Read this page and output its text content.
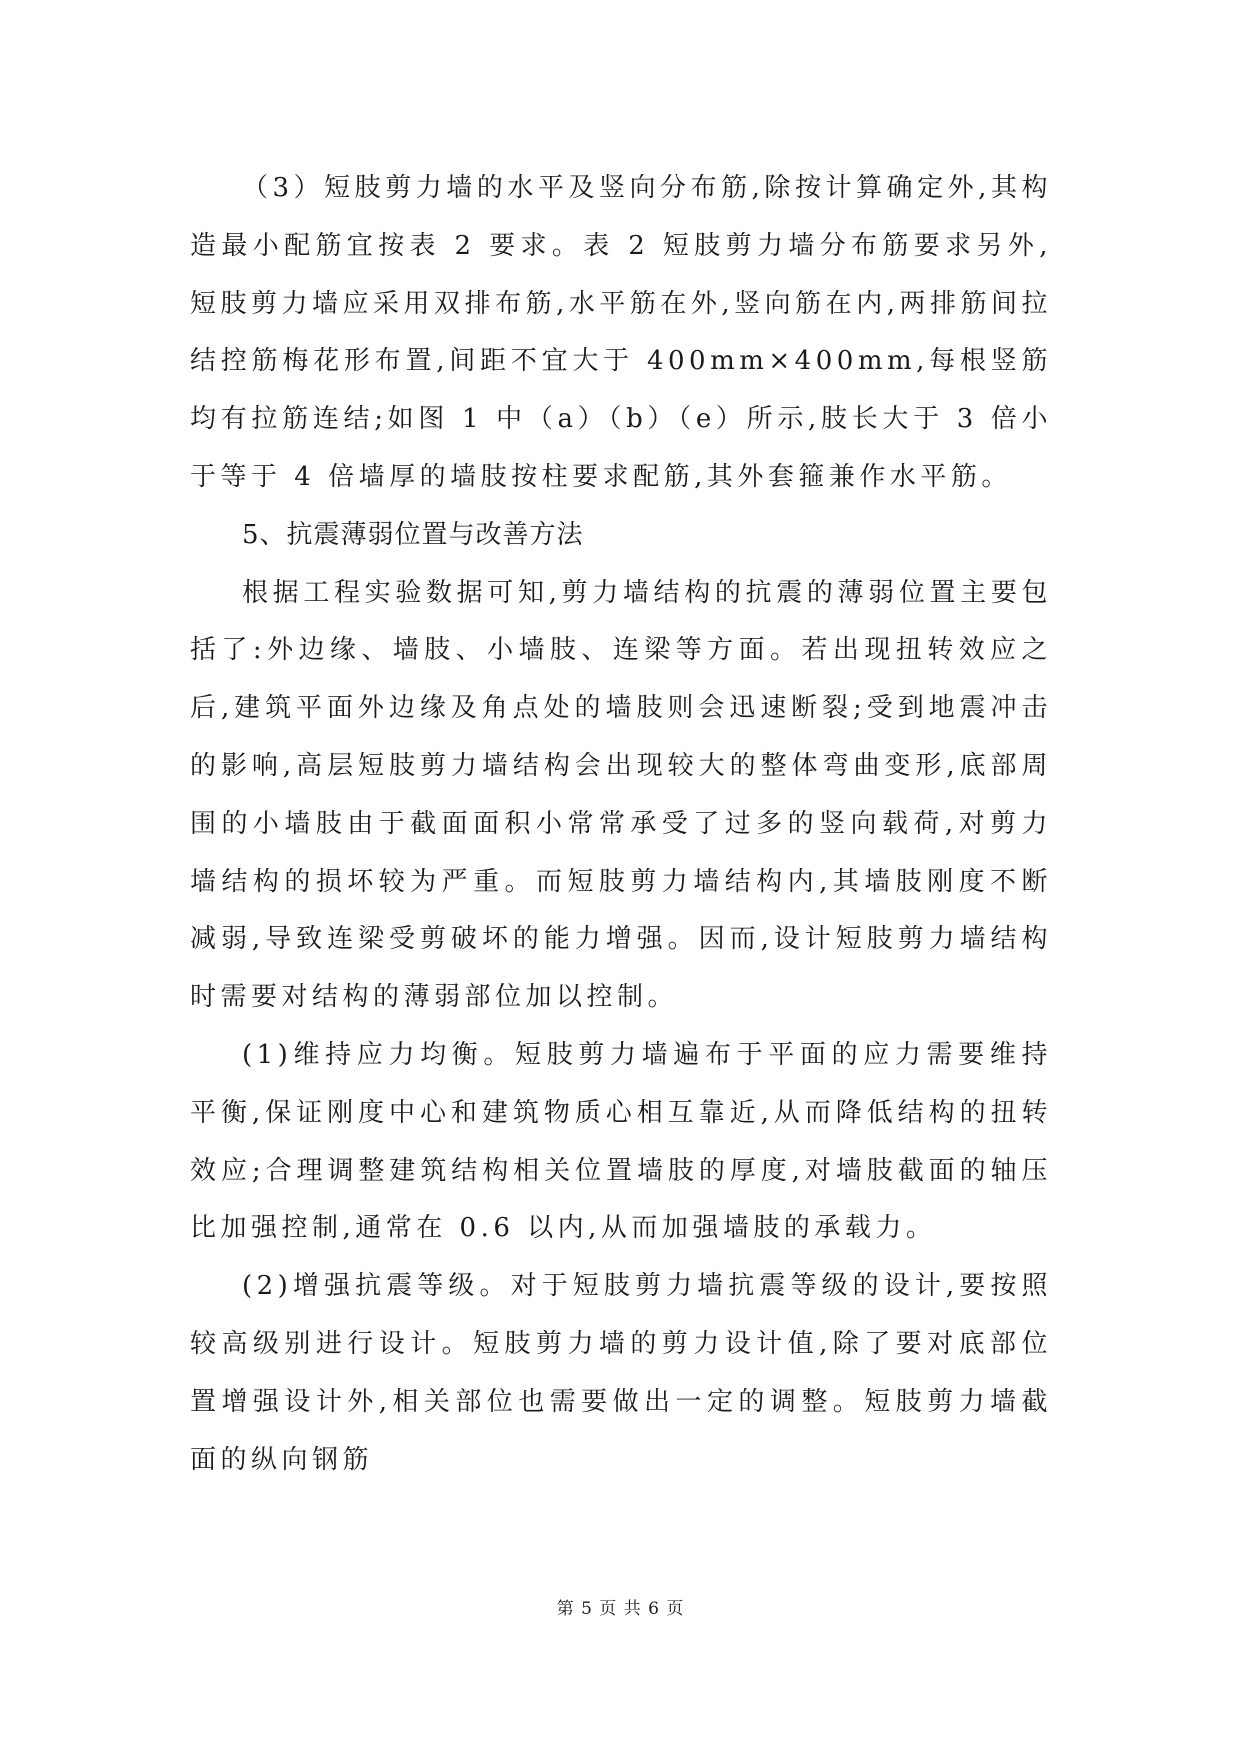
（3）短肢剪力墙的水平及竖向分布筋,除按计算确定外,其构造最小配筋宜按表 2 要求。表 2 短肢剪力墙分布筋要求另外,短肢剪力墙应采用双排布筋,水平筋在外,竖向筋在内,两排筋间拉结控筋梅花形布置,间距不宜大于 400mm×400mm,每根竖筋均有拉筋连结;如图 1 中（a）（b）（e）所示,肢长大于 3 倍小于等于 4 倍墙厚的墙肢按柱要求配筋,其外套箍兼作水平筋。

5、抗震薄弱位置与改善方法

根据工程实验数据可知,剪力墙结构的抗震的薄弱位置主要包括了:外边缘、墙肢、小墙肢、连梁等方面。若出现扭转效应之后,建筑平面外边缘及角点处的墙肢则会迅速断裂;受到地震冲击的影响,高层短肢剪力墙结构会出现较大的整体弯曲变形,底部周围的小墙肢由于截面面积小常常承受了过多的竖向载荷,对剪力墙结构的损坏较为严重。而短肢剪力墙结构内,其墙肢刚度不断减弱,导致连梁受剪破坏的能力增强。因而,设计短肢剪力墙结构时需要对结构的薄弱部位加以控制。

(1)维持应力均衡。短肢剪力墙遍布于平面的应力需要维持平衡,保证刚度中心和建筑物质心相互靠近,从而降低结构的扭转效应;合理调整建筑结构相关位置墙肢的厚度,对墙肢截面的轴压比加强控制,通常在 0.6 以内,从而加强墙肢的承载力。

(2)增强抗震等级。对于短肢剪力墙抗震等级的设计,要按照较高级别进行设计。短肢剪力墙的剪力设计值,除了要对底部位置增强设计外,相关部位也需要做出一定的调整。短肢剪力墙截面的纵向钢筋

第 5 页 共 6 页
